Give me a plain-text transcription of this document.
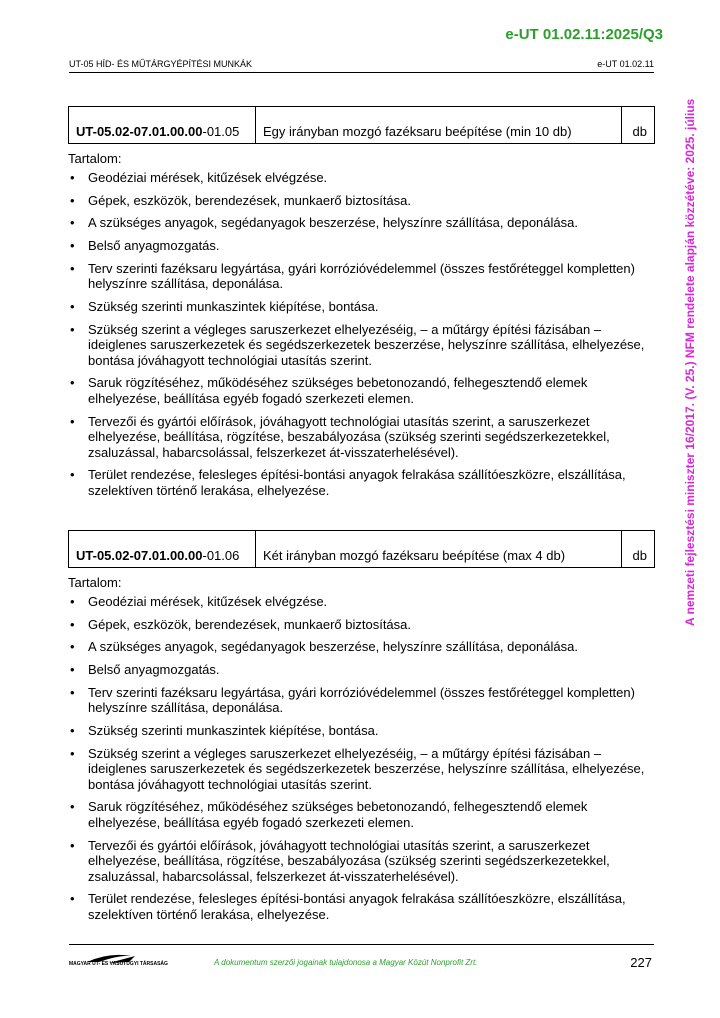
e-UT 01.02.11:2025/Q3
UT-05 HÍD- ÉS MŰTÁRGYÉPÍTÉSI MUNKÁK	e-UT 01.02.11
A nemzeti fejlesztési miniszter 16/2017. (V. 25.) NFM rendelete alapján közzétéve: 2025. július
UT-05.02-07.01.00.00-01.05	Egy irányban mozgó fazéksaru beépítése (min 10 db)	db
Tartalom:
• Geodéziai mérések, kitűzések elvégzése.
• Gépek, eszközök, berendezések, munkaerő biztosítása.
• A szükséges anyagok, segédanyagok beszerzése, helyszínre szállítása, deponálása.
• Belső anyagmozgatás.
• Terv szerinti fazéksaru legyártása, gyári korrózióvédelemmel (összes festőréteggel kompletten) helyszínre szállítása, deponálása.
• Szükség szerinti munkaszintek kiépítése, bontása.
• Szükség szerint a végleges saruszerkezet elhelyezéséig, – a műtárgy építési fázisában – ideiglenes saruszerkezetek és segédszerkezetek beszerzése, helyszínre szállítása, elhelyezése, bontása jóváhagyott technológiai utasítás szerint.
• Saruk rögzítéséhez, működéséhez szükséges bebetonozandó, felhegesztendő elemek elhelyezése, beállítása egyéb fogadó szerkezeti elemen.
• Tervezői és gyártói előírások, jóváhagyott technológiai utasítás szerint, a saruszerkezet elhelyezése, beállítása, rögzítése, beszabályozása (szükség szerinti segédszerkezetekkel, zsaluzással, habarcsolással, felszerkezet át-visszaterhelésével).
• Terület rendezése, felesleges építési-bontási anyagok felrakása szállítóeszközre, elszállítása, szelektíven történő lerakása, elhelyezése.
UT-05.02-07.01.00.00-01.06	Két irányban mozgó fazéksaru beépítése (max 4 db)	db
Tartalom:
• Geodéziai mérések, kitűzések elvégzése.
• Gépek, eszközök, berendezések, munkaerő biztosítása.
• A szükséges anyagok, segédanyagok beszerzése, helyszínre szállítása, deponálása.
• Belső anyagmozgatás.
• Terv szerinti fazéksaru legyártása, gyári korrózióvédelemmel (összes festőréteggel kompletten) helyszínre szállítása, deponálása.
• Szükség szerinti munkaszintek kiépítése, bontása.
• Szükség szerint a végleges saruszerkezet elhelyezéséig, – a műtárgy építési fázisában – ideiglenes saruszerkezetek és segédszerkezetek beszerzése, helyszínre szállítása, elhelyezése, bontása jóváhagyott technológiai utasítás szerint.
• Saruk rögzítéséhez, működéséhez szükséges bebetonozandó, felhegesztendő elemek elhelyezése, beállítása egyéb fogadó szerkezeti elemen.
• Tervezői és gyártói előírások, jóváhagyott technológiai utasítás szerint, a saruszerkezet elhelyezése, beállítása, rögzítése, beszabályozása (szükség szerinti segédszerkezetekkel, zsaluzással, habarcsolással, felszerkezet át-visszaterhelésével).
• Terület rendezése, felesleges építési-bontási anyagok felrakása szállítóeszközre, elszállítása, szelektíven történő lerakása, elhelyezése.
MAGYAR UT- ÉS VASÚTÜGYI TÁRSASÁG	A dokumentum szerzői jogainak tulajdonosa a Magyar Közút Nonprofit Zrt.	227
